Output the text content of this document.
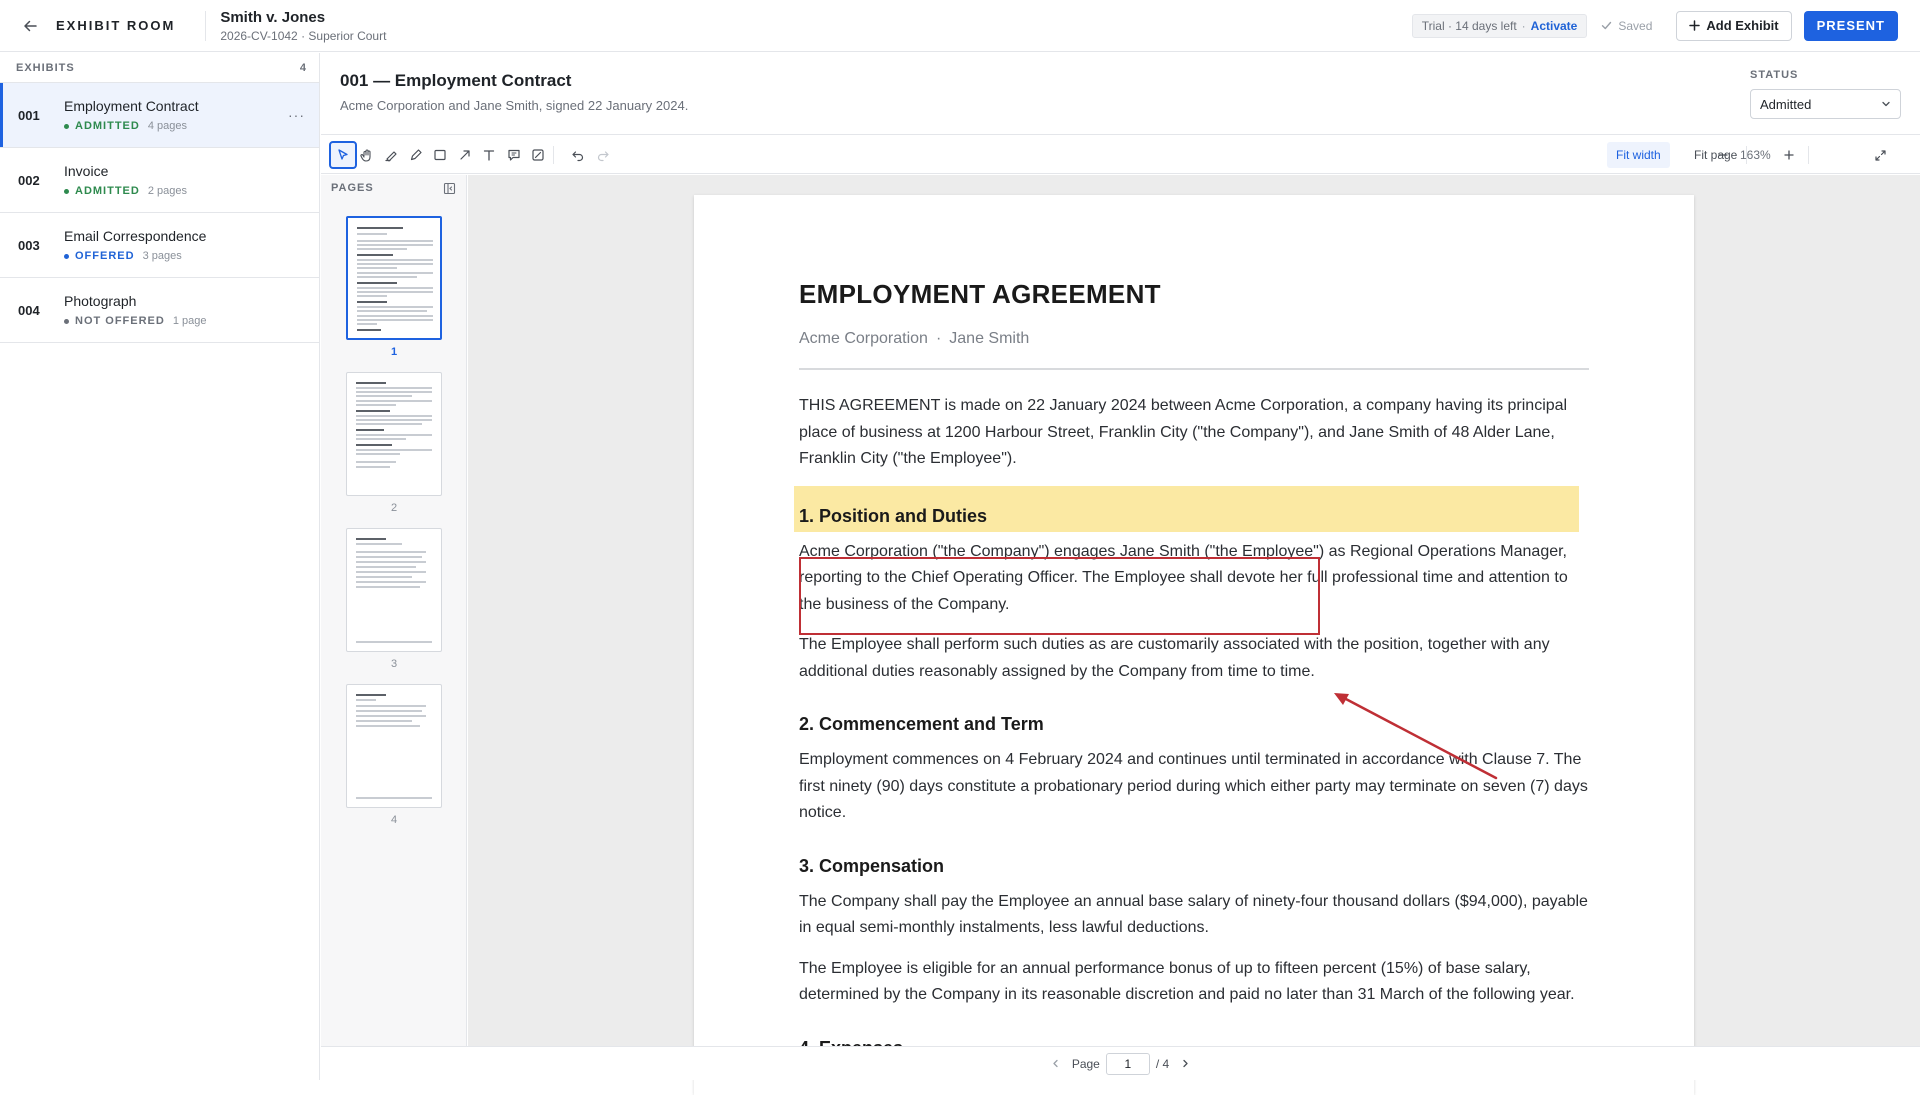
EXHIBIT ROOM	Smith v. Jones
2026-CV-1042 · Superior Court
Trial · 14 days left · Activate	Saved	Add Exhibit	PRESENT
EXHIBITS	4
001
Employment Contract
ADMITTED 4 pages
···
002
Invoice
ADMITTED 2 pages
003
Email Correspondence
OFFERED 3 pages
004
Photograph
NOT OFFERED 1 page
001 — Employment Contract
Acme Corporation and Jane Smith, signed 22 January 2024.
STATUS
Admitted
Fit width	Fit page 163%
PAGES
1
2
3
4
EMPLOYMENT AGREEMENT
Acme Corporation · Jane Smith

THIS AGREEMENT is made on 22 January 2024 between Acme Corporation, a company having its principal place of business at 1200 Harbour Street, Franklin City ("the Company"), and Jane Smith of 48 Alder Lane, Franklin City ("the Employee").

1. Position and Duties

Acme Corporation ("the Company") engages Jane Smith ("the Employee") as Regional Operations Manager, reporting to the Chief Operating Officer. The Employee shall devote her full professional time and attention to the business of the Company.

The Employee shall perform such duties as are customarily associated with the position, together with any additional duties reasonably assigned by the Company from time to time.

2. Commencement and Term

Employment commences on 4 February 2024 and continues until terminated in accordance with Clause 7. The first ninety (90) days constitute a probationary period during which either party may terminate on seven (7) days notice.

3. Compensation

The Company shall pay the Employee an annual base salary of ninety-four thousand dollars ($94,000), payable in equal semi-monthly instalments, less lawful deductions.

The Employee is eligible for an annual performance bonus of up to fifteen percent (15%) of base salary, determined by the Company in its reasonable discretion and paid no later than 31 March of the following year.

Page	1	/ 4
